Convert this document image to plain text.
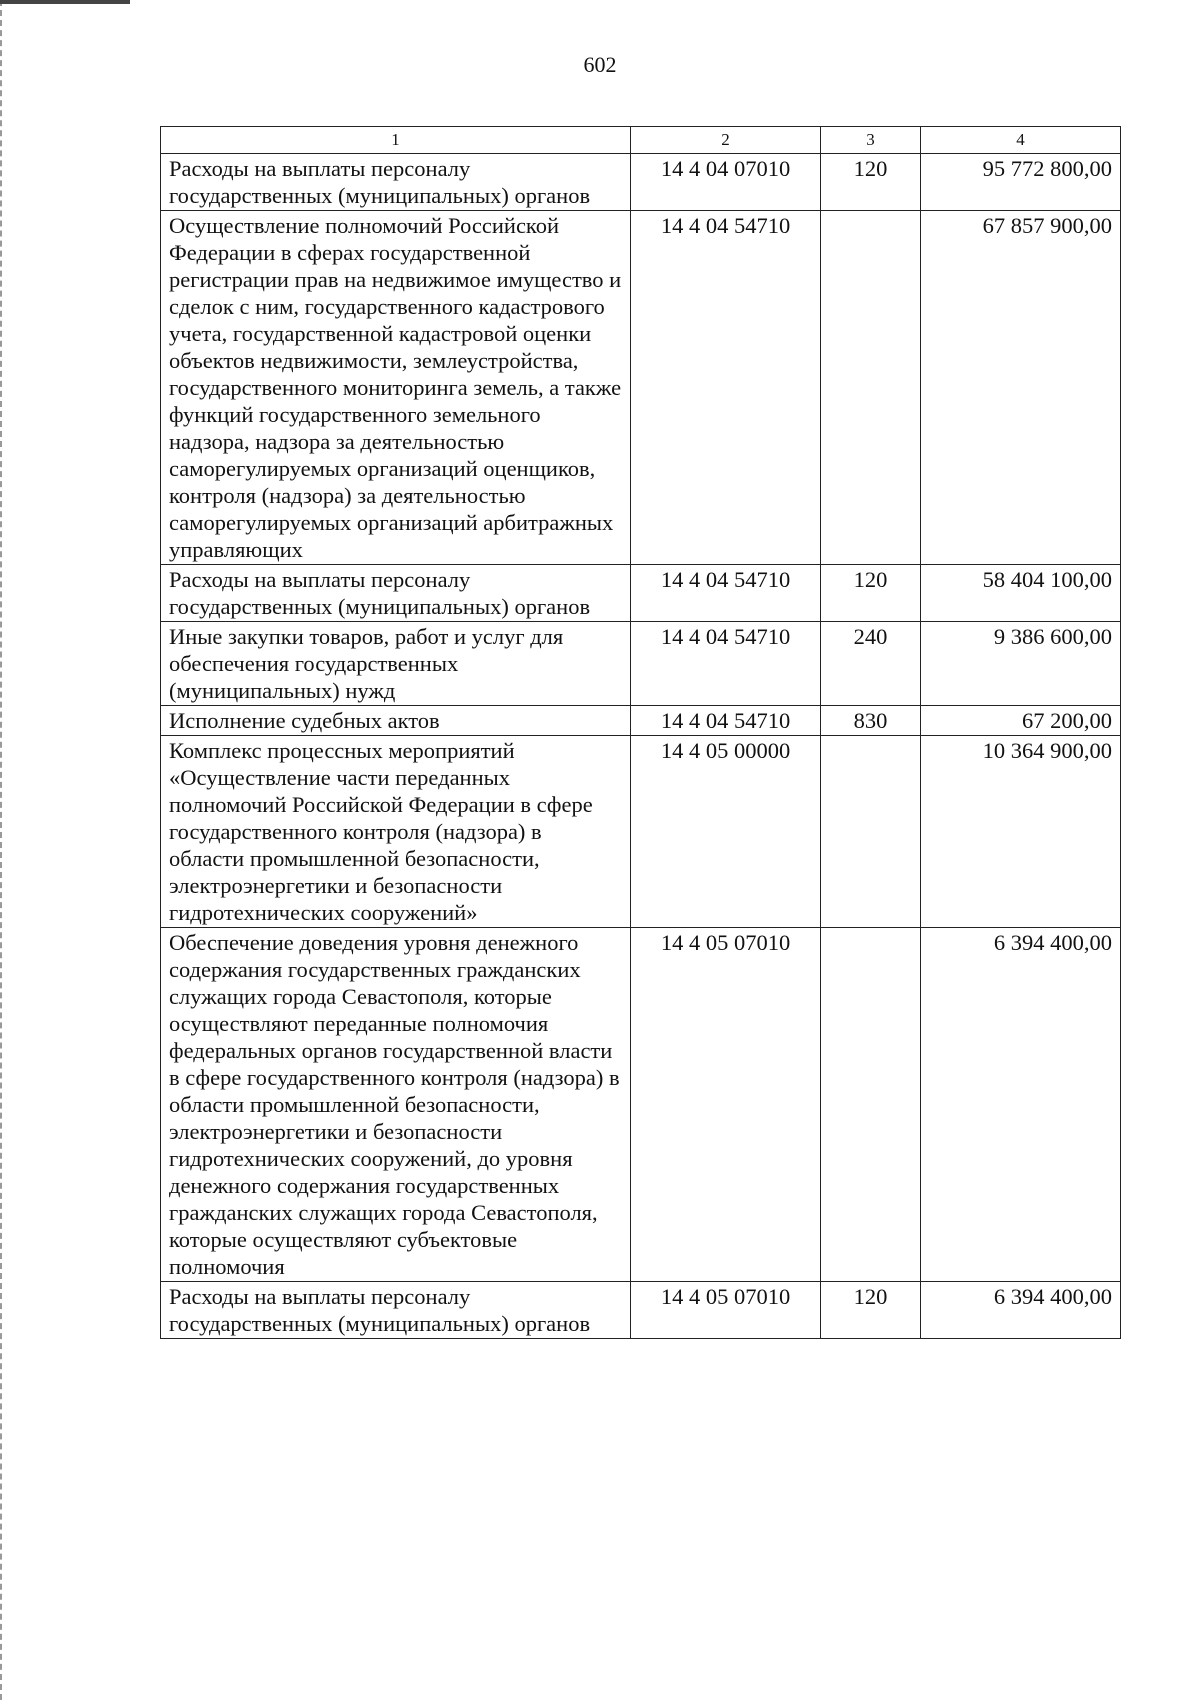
602
1	2	3	4
Расходы на выплаты персоналу государственных (муниципальных) органов	14 4 04 07010	120	95 772 800,00
Осуществление полномочий Российской Федерации в сферах государственной регистрации прав на недвижимое имущество и сделок с ним, государственного кадастрового учета, государственной кадастровой оценки объектов недвижимости, землеустройства, государственного мониторинга земель, а также функций государственного земельного надзора, надзора за деятельностью саморегулируемых организаций оценщиков, контроля (надзора) за деятельностью саморегулируемых организаций арбитражных управляющих	14 4 04 54710		67 857 900,00
Расходы на выплаты персоналу государственных (муниципальных) органов	14 4 04 54710	120	58 404 100,00
Иные закупки товаров, работ и услуг для обеспечения государственных (муниципальных) нужд	14 4 04 54710	240	9 386 600,00
Исполнение судебных актов	14 4 04 54710	830	67 200,00
Комплекс процессных мероприятий «Осуществление части переданных полномочий Российской Федерации в сфере государственного контроля (надзора) в области промышленной безопасности, электроэнергетики и безопасности гидротехнических сооружений»	14 4 05 00000		10 364 900,00
Обеспечение доведения уровня денежного содержания государственных гражданских служащих города Севастополя, которые осуществляют переданные полномочия федеральных органов государственной власти в сфере государственного контроля (надзора) в области промышленной безопасности, электроэнергетики и безопасности гидротехнических сооружений, до уровня денежного содержания государственных гражданских служащих города Севастополя, которые осуществляют субъектовые полномочия	14 4 05 07010		6 394 400,00
Расходы на выплаты персоналу государственных (муниципальных) органов	14 4 05 07010	120	6 394 400,00
